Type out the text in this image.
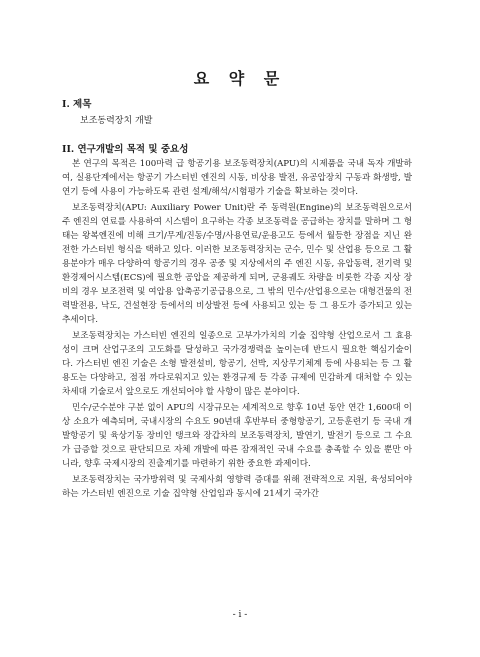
요 약 문

I. 제목

보조동력장치 개발

II. 연구개발의 목적 및 중요성

본 연구의 목적은 100마력 급 항공기용 보조동력장치(APU)의 시제품을 국내 독자 개발하여, 실용단계에서는 항공기 가스터빈 엔진의 시동, 비상용 발전, 유공압장치 구동과 화생방, 발연기 등에 사용이 가능하도록 관련 설계/해석/시험평가 기술을 확보하는 것이다.

보조동력장치(APU: Auxiliary Power Unit)란 주 동력원(Engine)의 보조동력원으로서 주 엔진의 연료를 사용하여 시스템이 요구하는 각종 보조동력을 공급하는 장치를 말하며 그 형태는 왕복엔진에 비해 크기/무게/진동/수명/사용연료/운용고도 등에서 월등한 장점을 지닌 완전한 가스터빈 형식을 택하고 있다. 이러한 보조동력장치는 군수, 민수 및 산업용 등으로 그 활용분야가 매우 다양하여 항공기의 경우 공중 및 지상에서의 주 엔진 시동, 유압동력, 전기력 및 환경제어시스템(ECS)에 필요한 공압을 제공하게 되며, 군용궤도 차량을 비롯한 각종 지상 장비의 경우 보조전력 및 여압용 압축공기공급용으로, 그 밖의 민수/산업용으로는 대형건물의 전력발전용, 낙도, 건설현장 등에서의 비상발전 등에 사용되고 있는 등 그 용도가 증가되고 있는 추세이다.

보조동력장치는 가스터빈 엔진의 일종으로 고부가가치의 기술 집약형 산업으로서 그 효용성이 크며 산업구조의 고도화를 달성하고 국가경쟁력을 높이는데 반드시 필요한 핵심기술이다. 가스터빈 엔진 기술은 소형 발전설비, 항공기, 선박, 지상무기체계 등에 사용되는 등 그 활용도는 다양하고, 점점 까다로워지고 있는 환경규제 등 각종 규제에 민감하게 대처할 수 있는 차세대 기술로서 앞으로도 개선되어야 할 사항이 많은 분야이다.

민수/군수분야 구분 없이 APU의 시장규모는 세계적으로 향후 10년 동안 연간 1,600대 이상 소요가 예측되며, 국내시장의 수요도 90년대 후반부터 중형항공기, 고등훈련기 등 국내 개발항공기 및 육상기동 장비인 탱크와 장갑차의 보조동력장치, 발연기, 발전기 등으로 그 수요가 급증할 것으로 판단되므로 자체 개발에 따른 잠재적인 국내 수요를 충족할 수 있을 뿐만 아니라, 향후 국제시장의 진출계기를 마련하기 위한 중요한 과제이다.

보조동력장치는 국가방위력 및 국제사회 영향력 증대를 위해 전략적으로 지원, 육성되어야 하는 가스터빈 엔진으로 기술 집약형 산업임과 동시에 21세기 국가간

- i -
